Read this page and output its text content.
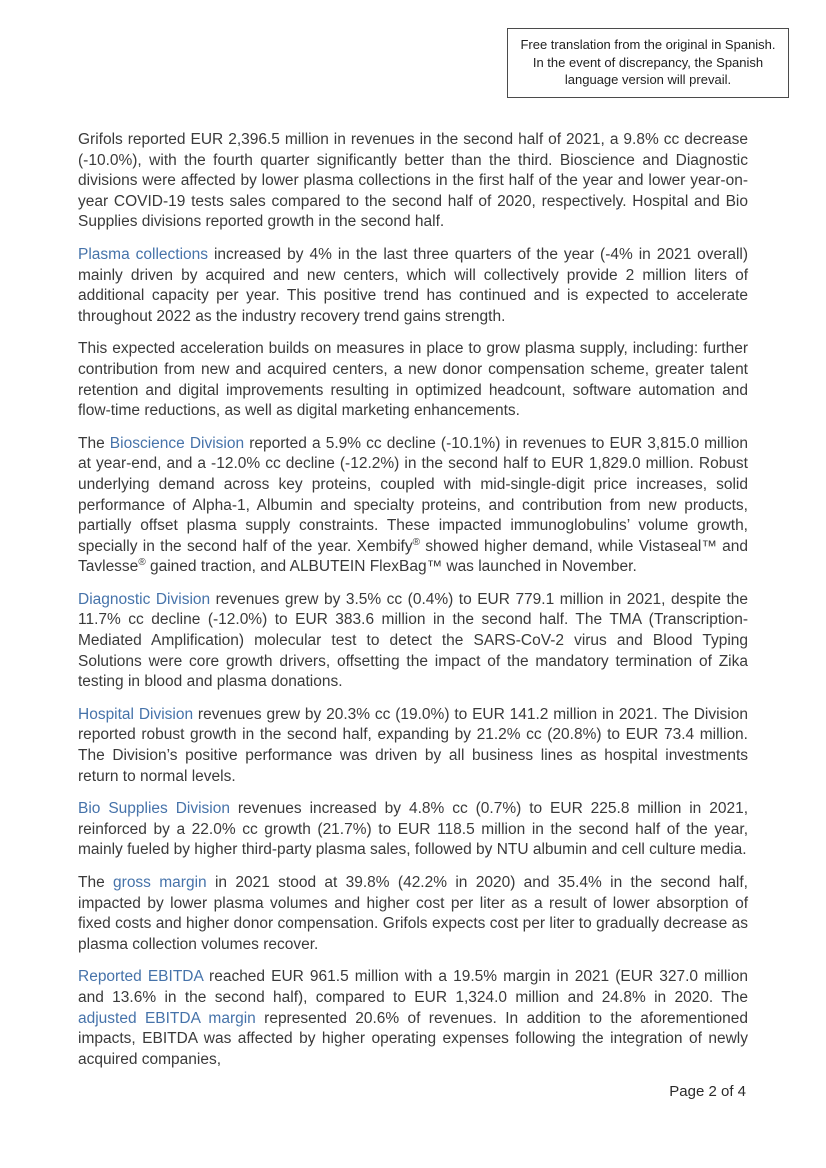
Free translation from the original in Spanish. In the event of discrepancy, the Spanish language version will prevail.

Grifols reported EUR 2,396.5 million in revenues in the second half of 2021, a 9.8% cc decrease (-10.0%), with the fourth quarter significantly better than the third. Bioscience and Diagnostic divisions were affected by lower plasma collections in the first half of the year and lower year-on-year COVID-19 tests sales compared to the second half of 2020, respectively. Hospital and Bio Supplies divisions reported growth in the second half.

Plasma collections increased by 4% in the last three quarters of the year (-4% in 2021 overall) mainly driven by acquired and new centers, which will collectively provide 2 million liters of additional capacity per year. This positive trend has continued and is expected to accelerate throughout 2022 as the industry recovery trend gains strength.

This expected acceleration builds on measures in place to grow plasma supply, including: further contribution from new and acquired centers, a new donor compensation scheme, greater talent retention and digital improvements resulting in optimized headcount, software automation and flow-time reductions, as well as digital marketing enhancements.

The Bioscience Division reported a 5.9% cc decline (-10.1%) in revenues to EUR 3,815.0 million at year-end, and a -12.0% cc decline (-12.2%) in the second half to EUR 1,829.0 million. Robust underlying demand across key proteins, coupled with mid-single-digit price increases, solid performance of Alpha-1, Albumin and specialty proteins, and contribution from new products, partially offset plasma supply constraints. These impacted immunoglobulins’ volume growth, specially in the second half of the year. Xembify® showed higher demand, while Vistaseal™ and Tavlesse® gained traction, and ALBUTEIN FlexBag™ was launched in November.

Diagnostic Division revenues grew by 3.5% cc (0.4%) to EUR 779.1 million in 2021, despite the 11.7% cc decline (-12.0%) to EUR 383.6 million in the second half. The TMA (Transcription-Mediated Amplification) molecular test to detect the SARS-CoV-2 virus and Blood Typing Solutions were core growth drivers, offsetting the impact of the mandatory termination of Zika testing in blood and plasma donations.

Hospital Division revenues grew by 20.3% cc (19.0%) to EUR 141.2 million in 2021. The Division reported robust growth in the second half, expanding by 21.2% cc (20.8%) to EUR 73.4 million. The Division’s positive performance was driven by all business lines as hospital investments return to normal levels.

Bio Supplies Division revenues increased by 4.8% cc (0.7%) to EUR 225.8 million in 2021, reinforced by a 22.0% cc growth (21.7%) to EUR 118.5 million in the second half of the year, mainly fueled by higher third-party plasma sales, followed by NTU albumin and cell culture media.

The gross margin in 2021 stood at 39.8% (42.2% in 2020) and 35.4% in the second half, impacted by lower plasma volumes and higher cost per liter as a result of lower absorption of fixed costs and higher donor compensation. Grifols expects cost per liter to gradually decrease as plasma collection volumes recover.

Reported EBITDA reached EUR 961.5 million with a 19.5% margin in 2021 (EUR 327.0 million and 13.6% in the second half), compared to EUR 1,324.0 million and 24.8% in 2020. The adjusted EBITDA margin represented 20.6% of revenues. In addition to the aforementioned impacts, EBITDA was affected by higher operating expenses following the integration of newly acquired companies,

Page 2 of 4
